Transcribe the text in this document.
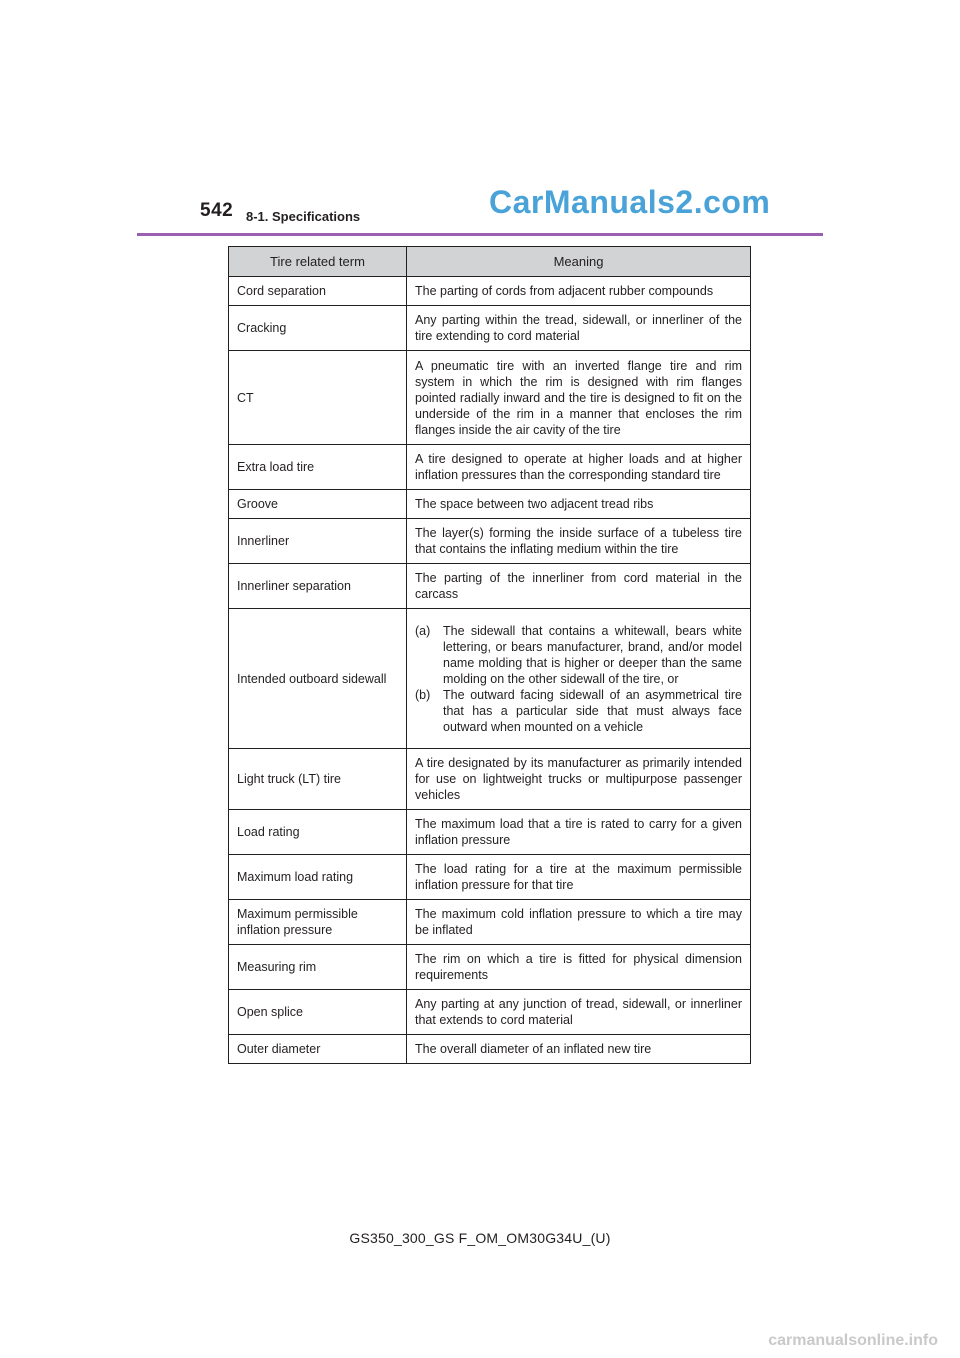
542 8-1. Specifications	CarManuals2.com
Tire related term	Meaning
Cord separation	The parting of cords from adjacent rubber compounds
Cracking	Any parting within the tread, sidewall, or innerliner of the tire extending to cord material
CT	A pneumatic tire with an inverted flange tire and rim system in which the rim is designed with rim flanges pointed radially inward and the tire is designed to fit on the underside of the rim in a manner that encloses the rim flanges inside the air cavity of the tire
Extra load tire	A tire designed to operate at higher loads and at higher inflation pressures than the corresponding standard tire
Groove	The space between two adjacent tread ribs
Innerliner	The layer(s) forming the inside surface of a tubeless tire that contains the inflating medium within the tire
Innerliner separation	The parting of the innerliner from cord material in the carcass
Intended outboard sidewall	(a) The sidewall that contains a whitewall, bears white lettering, or bears manufacturer, brand, and/or model name molding that is higher or deeper than the same molding on the other sidewall of the tire, or
(b) The outward facing sidewall of an asymmetrical tire that has a particular side that must always face outward when mounted on a vehicle

Light truck (LT) tire	A tire designated by its manufacturer as primarily intended for use on lightweight trucks or multipurpose passenger vehicles
Load rating	The maximum load that a tire is rated to carry for a given inflation pressure
Maximum load rating	The load rating for a tire at the maximum permissible inflation pressure for that tire
Maximum permissible inflation pressure	The maximum cold inflation pressure to which a tire may be inflated
Measuring rim	The rim on which a tire is fitted for physical dimension requirements
Open splice	Any parting at any junction of tread, sidewall, or innerliner that extends to cord material
Outer diameter	The overall diameter of an inflated new tire
GS350_300_GS F_OM_OM30G34U_(U)
carmanualsonline.info
